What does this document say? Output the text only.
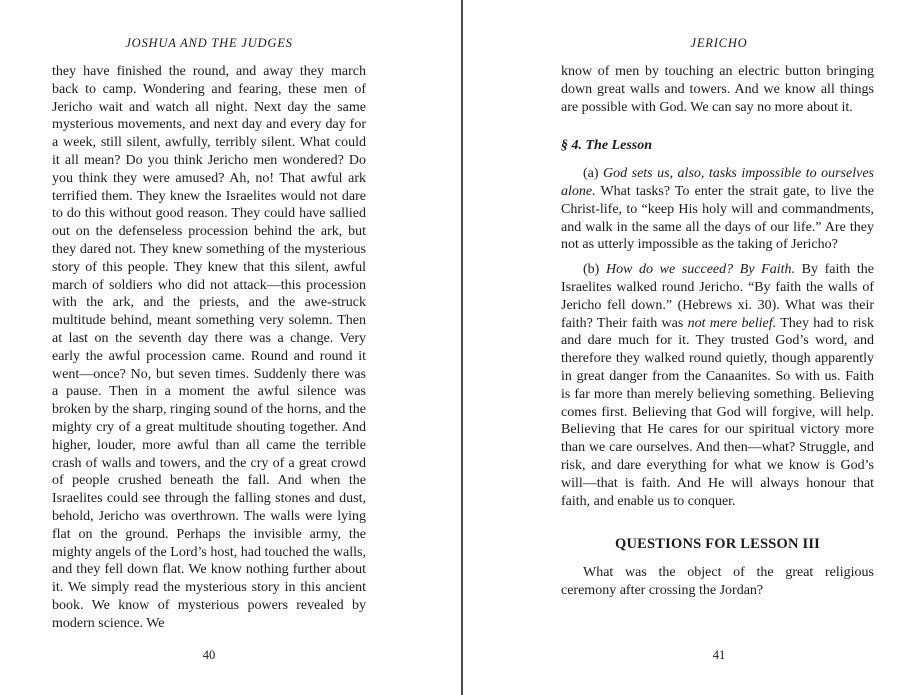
JOSHUA AND THE JUDGES

they have finished the round, and away they march back to camp. Wondering and fearing, these men of Jericho wait and watch all night. Next day the same mysterious movements, and next day and every day for a week, still silent, awfully, terribly silent. What could it all mean? Do you think Jericho men wondered? Do you think they were amused? Ah, no! That awful ark terrified them. They knew the Israelites would not dare to do this without good reason. They could have sallied out on the defenseless procession behind the ark, but they dared not. They knew something of the mysterious story of this people. They knew that this silent, awful march of soldiers who did not attack—this procession with the ark, and the priests, and the awe-struck multitude behind, meant something very solemn. Then at last on the seventh day there was a change. Very early the awful procession came. Round and round it went—once? No, but seven times. Suddenly there was a pause. Then in a moment the awful silence was broken by the sharp, ringing sound of the horns, and the mighty cry of a great multitude shouting together. And higher, louder, more awful than all came the terrible crash of walls and towers, and the cry of a great crowd of people crushed beneath the fall. And when the Israelites could see through the falling stones and dust, behold, Jericho was overthrown. The walls were lying flat on the ground. Perhaps the invisible army, the mighty angels of the Lord’s host, had touched the walls, and they fell down flat. We know nothing further about it. We simply read the mysterious story in this ancient book. We know of mysterious powers revealed by modern science. We

40
JERICHO

know of men by touching an electric button bringing down great walls and towers. And we know all things are possible with God. We can say no more about it.

§ 4. The Lesson

(a) God sets us, also, tasks impossible to ourselves alone. What tasks? To enter the strait gate, to live the Christ-life, to “keep His holy will and commandments, and walk in the same all the days of our life.” Are they not as utterly impossible as the taking of Jericho?

(b) How do we succeed? By Faith. By faith the Israelites walked round Jericho. “By faith the walls of Jericho fell down.” (Hebrews xi. 30). What was their faith? Their faith was not mere belief. They had to risk and dare much for it. They trusted God’s word, and therefore they walked round quietly, though apparently in great danger from the Canaanites. So with us. Faith is far more than merely believing something. Believing comes first. Believing that God will forgive, will help. Believing that He cares for our spiritual victory more than we care ourselves. And then—what? Struggle, and risk, and dare everything for what we know is God’s will—that is faith. And He will always honour that faith, and enable us to conquer.

QUESTIONS FOR LESSON III

What was the object of the great religious ceremony after crossing the Jordan?

41
